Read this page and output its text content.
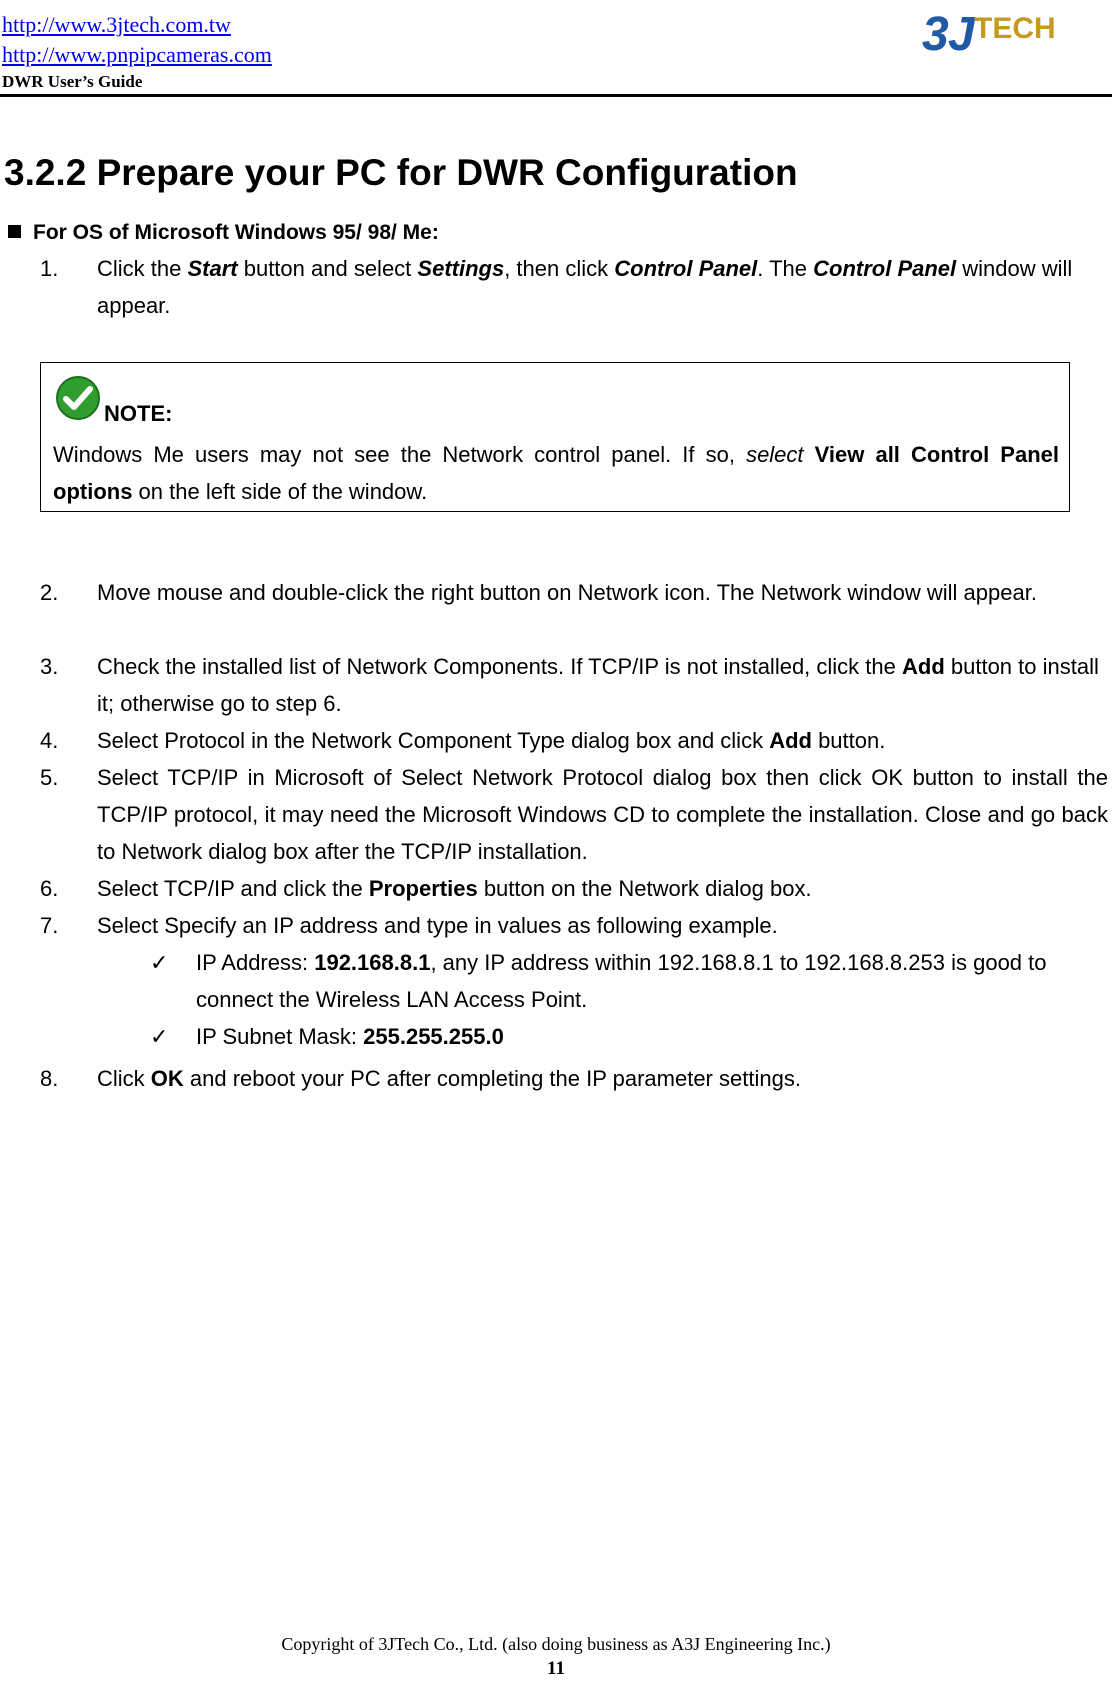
http://www.3jtech.com.tw
http://www.pnpipcameras.com
DWR User’s Guide
3 J TECH
3.2.2 Prepare your PC for DWR Configuration
For OS of Microsoft Windows 95/ 98/ Me:
1. Click the Start button and select Settings, then click Control Panel. The Control Panel window will appear.
NOTE:
Windows Me users may not see the Network control panel. If so, select View all Control Panel options on the left side of the window.
2. Move mouse and double-click the right button on Network icon. The Network window will appear.
3. Check the installed list of Network Components. If TCP/IP is not installed, click the Add button to install it; otherwise go to step 6.
4. Select Protocol in the Network Component Type dialog box and click Add button.
5. Select TCP/IP in Microsoft of Select Network Protocol dialog box then click OK button to install the TCP/IP protocol, it may need the Microsoft Windows CD to complete the installation. Close and go back to Network dialog box after the TCP/IP installation.
6. Select TCP/IP and click the Properties button on the Network dialog box.
7. Select Specify an IP address and type in values as following example.
✓ IP Address: 192.168.8.1, any IP address within 192.168.8.1 to 192.168.8.253 is good to connect the Wireless LAN Access Point.
✓ IP Subnet Mask: 255.255.255.0
8. Click OK and reboot your PC after completing the IP parameter settings.
Copyright of 3JTech Co., Ltd. (also doing business as A3J Engineering Inc.)
11
